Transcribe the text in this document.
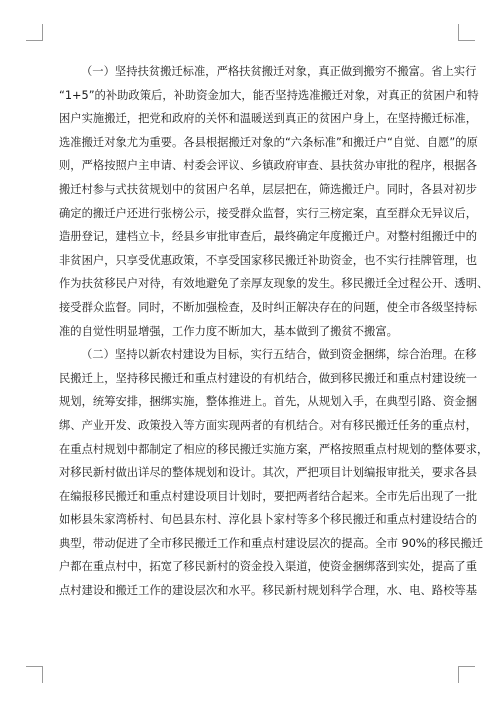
（一）坚持扶贫搬迁标准，严格扶贫搬迁对象，真正做到搬穷不搬富。省上实行
“1+5”的补助政策后，补助资金加大，能否坚持选准搬迁对象，对真正的贫困户和特
困户实施搬迁，把党和政府的关怀和温暖送到真正的贫困户身上，在坚持搬迁标准，
选准搬迁对象尤为重要。各县根据搬迁对象的“六条标准”和搬迁户“自觉、自愿”的原
则，严格按照户主申请、村委会评议、乡镇政府审查、县扶贫办审批的程序，根据各
搬迁村参与式扶贫规划中的贫困户名单，层层把在，筛选搬迁户。同时，各县对初步
确定的搬迁户还进行张榜公示，接受群众监督，实行三榜定案，直至群众无异议后，
造册登记，建档立卡，经县乡审批审查后，最终确定年度搬迁户。对整村组搬迁中的
非贫困户，只享受优惠政策，不享受国家移民搬迁补助资金，也不实行挂牌管理，也
作为扶贫移民户对待，有效地避免了亲厚友现象的发生。移民搬迁全过程公开、透明、
接受群众监督。同时，不断加强检查，及时纠正解决存在的问题，使全市各级坚持标
准的自觉性明显增强，工作力度不断加大，基本做到了搬贫不搬富。
（二）坚持以新农村建设为目标，实行五结合，做到资金捆绑，综合治理。在移
民搬迁上，坚持移民搬迁和重点村建设的有机结合，做到移民搬迁和重点村建设统一
规划，统筹安排，捆绑实施，整体推进上。首先，从规划入手，在典型引路、资金捆
绑、产业开发、政策投入等方面实现两者的有机结合。对有移民搬迁任务的重点村，
在重点村规划中都制定了相应的移民搬迁实施方案，严格按照重点村规划的整体要求，
对移民新村做出详尽的整体规划和设计。其次，严把项目计划编报审批关，要求各县
在编报移民搬迁和重点村建设项目计划时，要把两者结合起来。全市先后出现了一批
如彬县朱家湾桥村、旬邑县东村、淳化县卜家村等多个移民搬迁和重点村建设结合的
典型，带动促进了全市移民搬迁工作和重点村建设层次的提高。全市 90%的移民搬迁
户都在重点村中，拓宽了移民新村的资金投入渠道，使资金捆绑落到实处，提高了重
点村建设和搬迁工作的建设层次和水平。移民新村规划科学合理，水、电、路校等基
